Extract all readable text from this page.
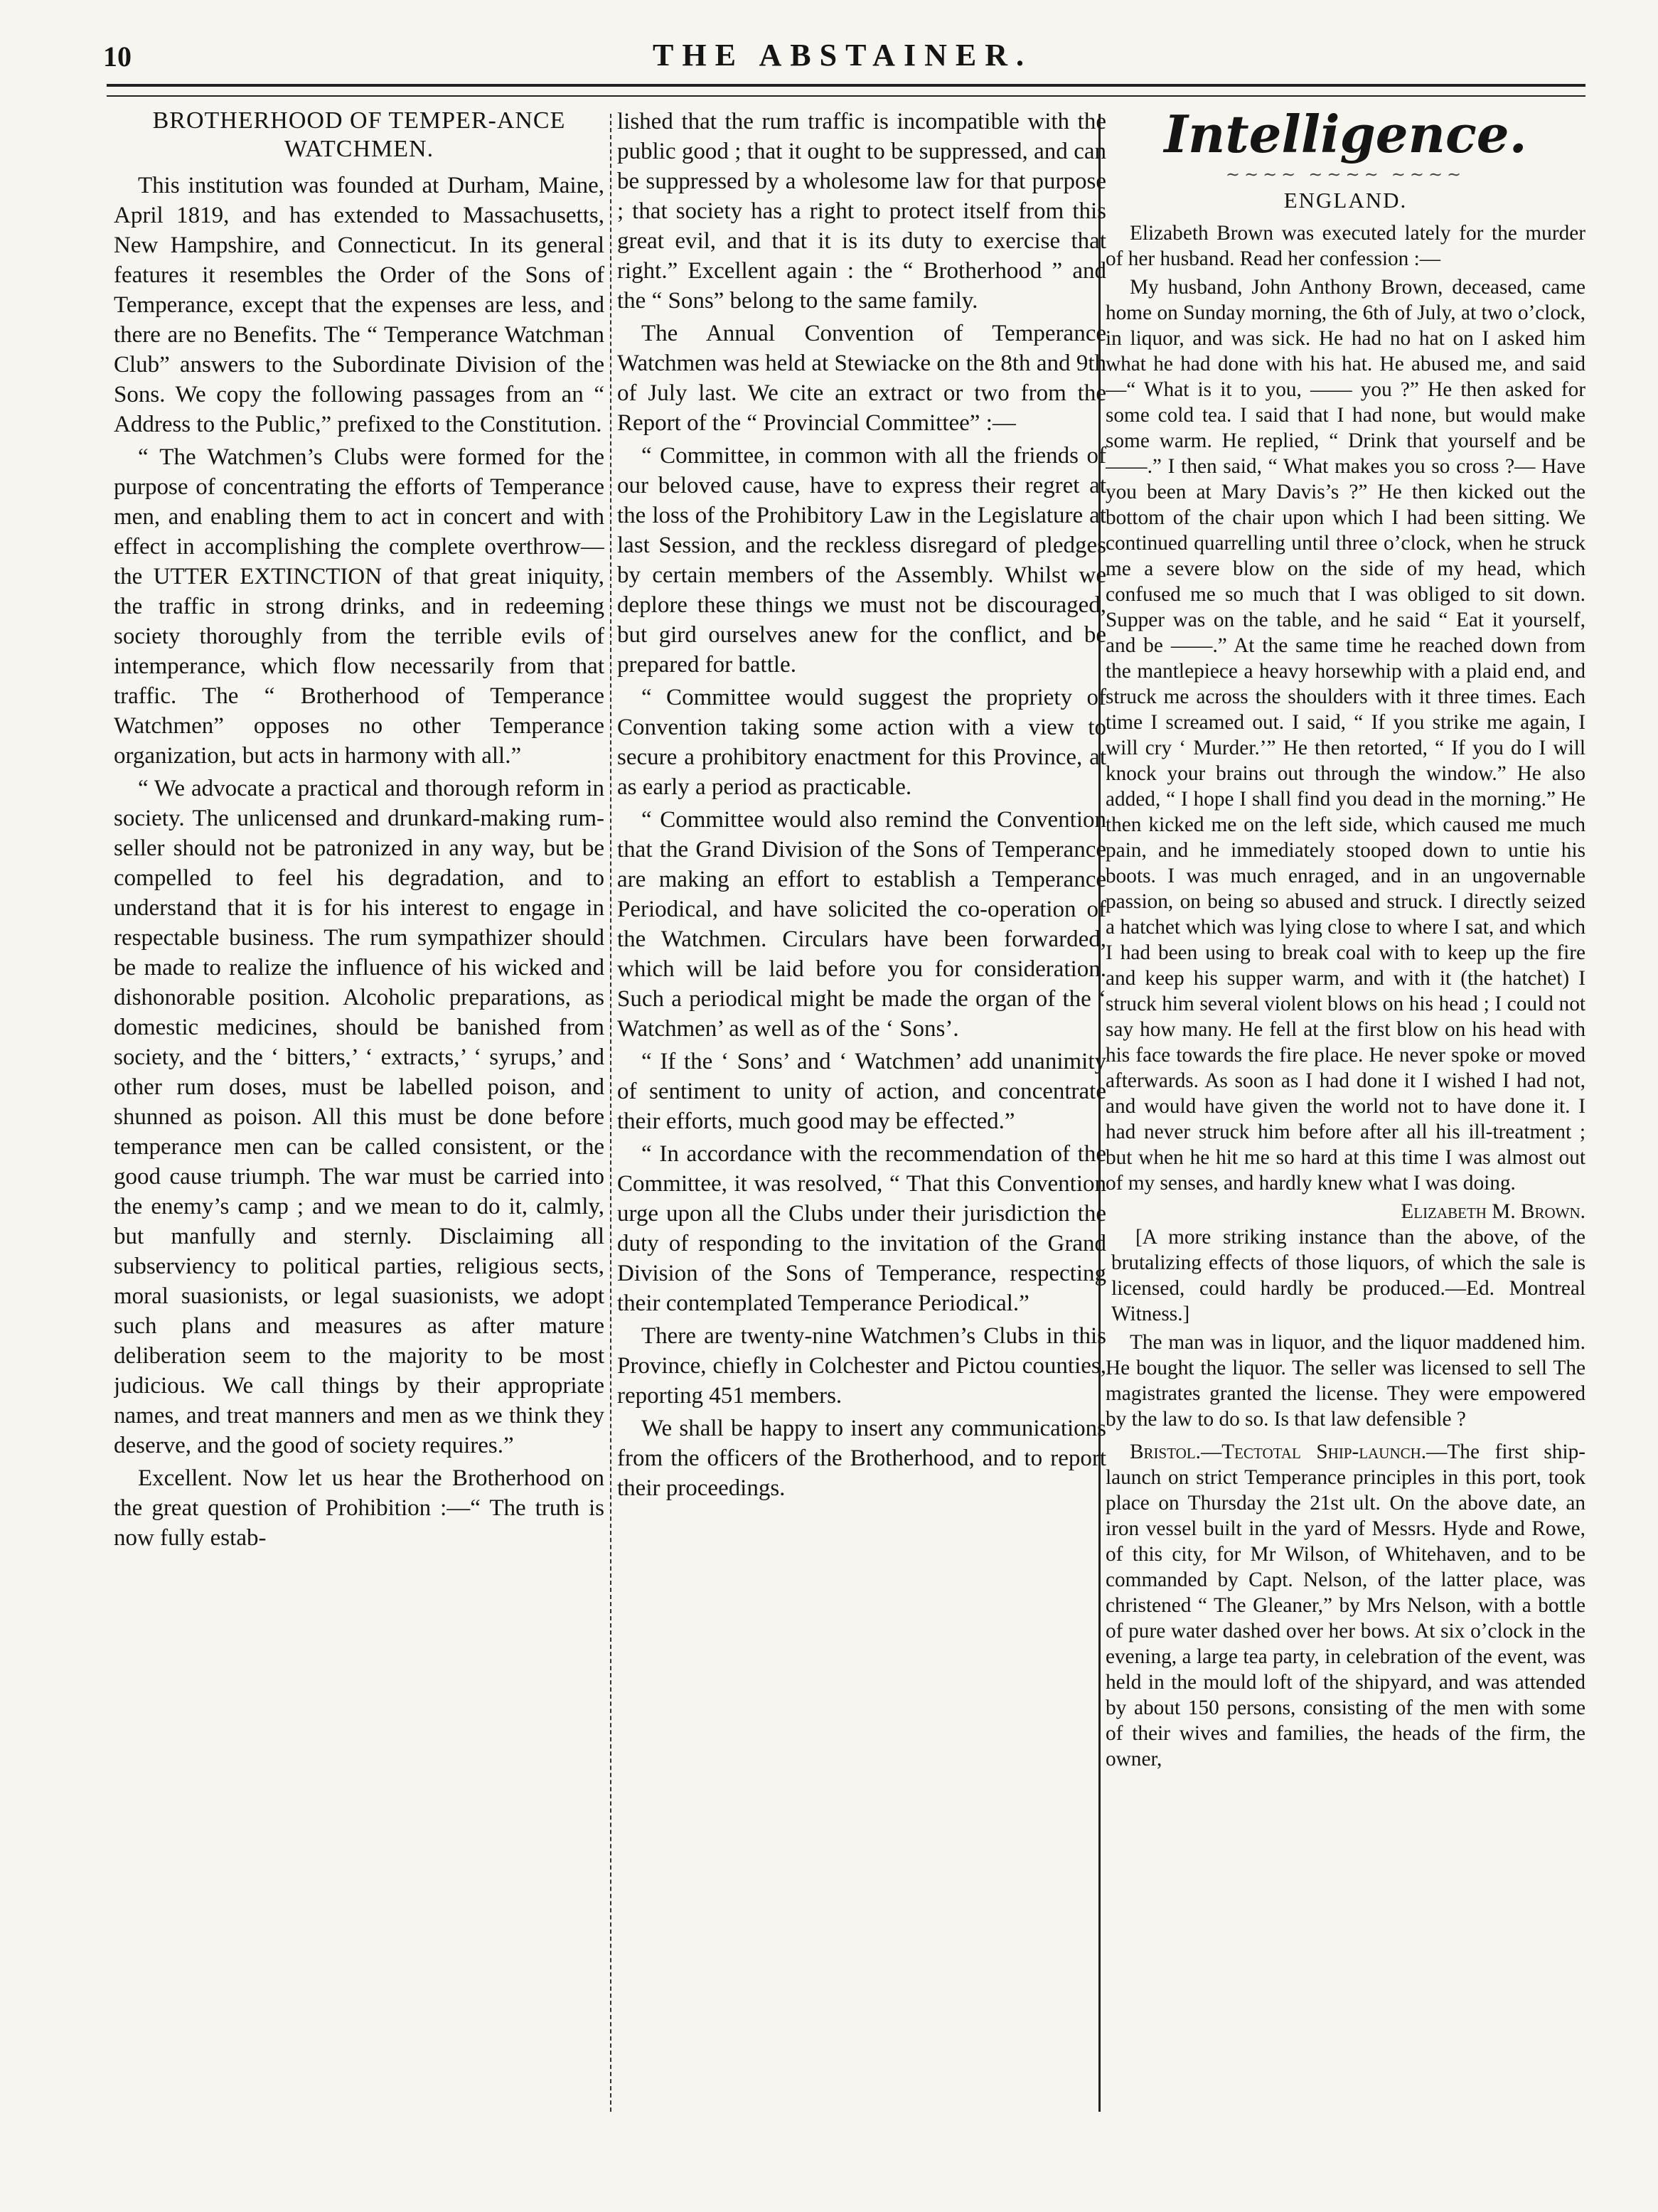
10	THE ABSTAINER.
BROTHERHOOD OF TEMPER-ANCE WATCHMEN.

This institution was founded at Durham, Maine, April 1819, and has extended to Massachusetts, New Hampshire, and Connecticut. In its general features it resembles the Order of the Sons of Temperance, except that the expenses are less, and there are no Benefits. The “ Temperance Watchman Club” answers to the Subordinate Division of the Sons. We copy the following passages from an “ Address to the Public,” prefixed to the Constitution.

“ The Watchmen’s Clubs were formed for the purpose of concentrating the efforts of Temperance men, and enabling them to act in concert and with effect in accomplishing the complete overthrow—the UTTER EXTINCTION of that great iniquity, the traffic in strong drinks, and in redeeming society thoroughly from the terrible evils of intemperance, which flow necessarily from that traffic. The “ Brotherhood of Temperance Watchmen” opposes no other Temperance organization, but acts in harmony with all.”

“ We advocate a practical and thorough reform in society. The unlicensed and drunkard-making rum-seller should not be patronized in any way, but be compelled to feel his degradation, and to understand that it is for his interest to engage in respectable business. The rum sympathizer should be made to realize the influence of his wicked and dishonorable position. Alcoholic preparations, as domestic medicines, should be banished from society, and the ‘ bitters,’ ‘ extracts,’ ‘ syrups,’ and other rum doses, must be labelled poison, and shunned as poison. All this must be done before temperance men can be called consistent, or the good cause triumph. The war must be carried into the enemy’s camp ; and we mean to do it, calmly, but manfully and sternly. Disclaiming all subserviency to political parties, religious sects, moral suasionists, or legal suasionists, we adopt such plans and measures as after mature deliberation seem to the majority to be most judicious. We call things by their appropriate names, and treat manners and men as we think they deserve, and the good of society requires.”

Excellent. Now let us hear the Brotherhood on the great question of Prohibition :—“ The truth is now fully estab-

lished that the rum traffic is incompatible with the public good ; that it ought to be suppressed, and can be suppressed by a wholesome law for that purpose ; that society has a right to protect itself from this great evil, and that it is its duty to exercise that right.” Excellent again : the “ Brotherhood ” and the “ Sons” belong to the same family.

The Annual Convention of Temperance Watchmen was held at Stewiacke on the 8th and 9th of July last. We cite an extract or two from the Report of the “ Provincial Committee” :—

“ Committee, in common with all the friends of our beloved cause, have to express their regret at the loss of the Prohibitory Law in the Legislature at last Session, and the reckless disregard of pledges by certain members of the Assembly. Whilst we deplore these things we must not be discouraged, but gird ourselves anew for the conflict, and be prepared for battle.

“ Committee would suggest the propriety of Convention taking some action with a view to secure a prohibitory enactment for this Province, at as early a period as practicable.

“ Committee would also remind the Convention that the Grand Division of the Sons of Temperance are making an effort to establish a Temperance Periodical, and have solicited the co-operation of the Watchmen. Circulars have been forwarded, which will be laid before you for consideration. Such a periodical might be made the organ of the ‘ Watchmen’ as well as of the ‘ Sons’.

“ If the ‘ Sons’ and ‘ Watchmen’ add unanimity of sentiment to unity of action, and concentrate their efforts, much good may be effected.”

“ In accordance with the recommendation of the Committee, it was resolved, “ That this Convention urge upon all the Clubs under their jurisdiction the duty of responding to the invitation of the Grand Division of the Sons of Temperance, respecting their contemplated Temperance Periodical.”

There are twenty-nine Watchmen’s Clubs in this Province, chiefly in Colchester and Pictou counties, reporting 451 members.

We shall be happy to insert any communications from the officers of the Brotherhood, and to report their proceedings.

Intelligence.
∼∼∼∼ ∼∼∼∼ ∼∼∼∼
ENGLAND.

Elizabeth Brown was executed lately for the murder of her husband. Read her confession :—

My husband, John Anthony Brown, deceased, came home on Sunday morning, the 6th of July, at two o’clock, in liquor, and was sick. He had no hat on I asked him what he had done with his hat. He abused me, and said—“ What is it to you, —— you ?” He then asked for some cold tea. I said that I had none, but would make some warm. He replied, “ Drink that yourself and be ——.” I then said, “ What makes you so cross ?— Have you been at Mary Davis’s ?” He then kicked out the bottom of the chair upon which I had been sitting. We continued quarrelling until three o’clock, when he struck me a severe blow on the side of my head, which confused me so much that I was obliged to sit down. Supper was on the table, and he said “ Eat it yourself, and be ——.” At the same time he reached down from the mantlepiece a heavy horsewhip with a plaid end, and struck me across the shoulders with it three times. Each time I screamed out. I said, “ If you strike me again, I will cry ‘ Murder.’” He then retorted, “ If you do I will knock your brains out through the window.” He also added, “ I hope I shall find you dead in the morning.” He then kicked me on the left side, which caused me much pain, and he immediately stooped down to untie his boots. I was much enraged, and in an ungovernable passion, on being so abused and struck. I directly seized a hatchet which was lying close to where I sat, and which I had been using to break coal with to keep up the fire and keep his supper warm, and with it (the hatchet) I struck him several violent blows on his head ; I could not say how many. He fell at the first blow on his head with his face towards the fire place. He never spoke or moved afterwards. As soon as I had done it I wished I had not, and would have given the world not to have done it. I had never struck him before after all his ill-treatment ; but when he hit me so hard at this time I was almost out of my senses, and hardly knew what I was doing.

Elizabeth M. Brown.

[A more striking instance than the above, of the brutalizing effects of those liquors, of which the sale is licensed, could hardly be produced.—Ed. Montreal Witness.]

The man was in liquor, and the liquor maddened him. He bought the liquor. The seller was licensed to sell The magistrates granted the license. They were empowered by the law to do so. Is that law defensible ?

Bristol.—Tectotal Ship-launch.—The first ship-launch on strict Temperance principles in this port, took place on Thursday the 21st ult. On the above date, an iron vessel built in the yard of Messrs. Hyde and Rowe, of this city, for Mr Wilson, of Whitehaven, and to be commanded by Capt. Nelson, of the latter place, was christened “ The Gleaner,” by Mrs Nelson, with a bottle of pure water dashed over her bows. At six o’clock in the evening, a large tea party, in celebration of the event, was held in the mould loft of the shipyard, and was attended by about 150 persons, consisting of the men with some of their wives and families, the heads of the firm, the owner,
